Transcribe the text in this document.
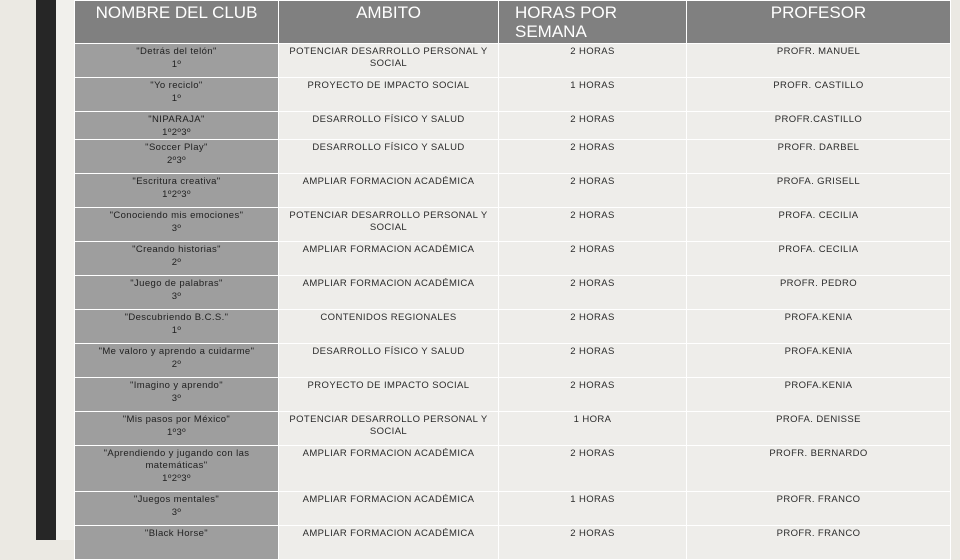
NOMBRE DEL CLUB	AMBITO	HORAS POR SEMANA	PROFESOR

"Detrás del telón"
1º	POTENCIAR DESARROLLO PERSONAL Y SOCIAL	2 HORAS	PROFR. MANUEL

"Yo reciclo"
1º	PROYECTO DE IMPACTO SOCIAL	1 HORAS	PROFR. CASTILLO

"NIPARAJA"
1º2º3º	DESARROLLO FÍSICO Y SALUD	2 HORAS	PROFR.CASTILLO

"Soccer Play"
2º3º	DESARROLLO FÍSICO Y SALUD	2 HORAS	PROFR. DARBEL

"Escritura creativa"
1º2º3º	AMPLIAR FORMACION ACADÉMICA	2 HORAS	PROFA. GRISELL

"Conociendo mis emociones"
3º	POTENCIAR DESARROLLO PERSONAL Y SOCIAL	2 HORAS	PROFA. CECILIA

"Creando historias"
2º	AMPLIAR FORMACION ACADÉMICA	2 HORAS	PROFA. CECILIA

"Juego de palabras"
3º	AMPLIAR FORMACION ACADÉMICA	2 HORAS	PROFR. PEDRO

"Descubriendo B.C.S."
1º	CONTENIDOS REGIONALES	2 HORAS	PROFA.KENIA

"Me valoro y aprendo a cuidarme"
2º	DESARROLLO FÍSICO Y SALUD	2 HORAS	PROFA.KENIA

"Imagino y aprendo"
3º	PROYECTO DE IMPACTO SOCIAL	2 HORAS	PROFA.KENIA

"Mis pasos por México"
1º3º	POTENCIAR DESARROLLO PERSONAL Y SOCIAL	1 HORA	PROFA. DENISSE

"Aprendiendo y jugando con las matemáticas"
1º2º3º	AMPLIAR FORMACION ACADÉMICA	2 HORAS	PROFR. BERNARDO

"Juegos mentales"
3º	AMPLIAR FORMACION ACADÉMICA	1 HORAS	PROFR. FRANCO

"Black Horse"	AMPLIAR FORMACION ACADÉMICA	2 HORAS	PROFR. FRANCO
